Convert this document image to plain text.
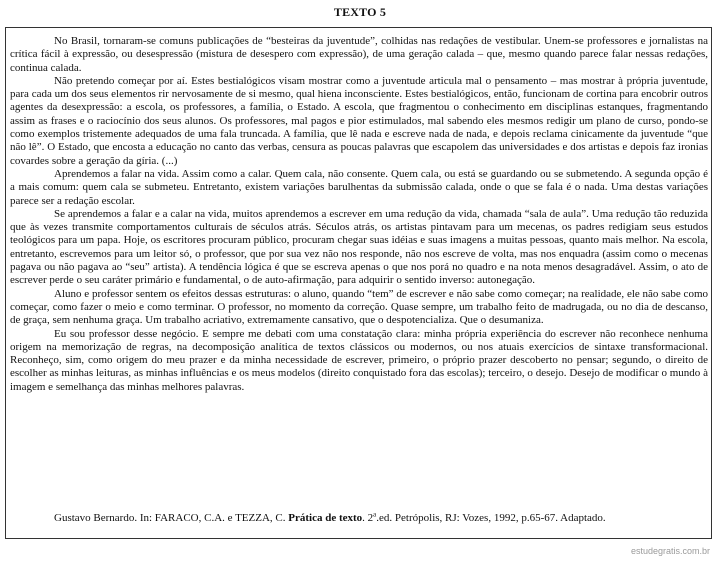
TEXTO 5

No Brasil, tornaram-se comuns publicações de “besteiras da juventude”, colhidas nas redações de vestibular. Unem-se professores e jornalistas na crítica fácil à expressão, ou desespressão (mistura de desespero com expressão), de uma geração calada – que, mesmo quando parece falar nessas redações, continua calada.

Não pretendo começar por aí. Estes bestialógicos visam mostrar como a juventude articula mal o pensamento – mas mostrar à própria juventude, para cada um dos seus elementos rir nervosamente de si mesmo, qual hiena inconsciente. Estes bestialógicos, então, funcionam de cortina para encobrir outros agentes da desexpressão: a escola, os professores, a família, o Estado. A escola, que fragmentou o conhecimento em disciplinas estanques, fragmentando assim as frases e o raciocínio dos seus alunos. Os professores, mal pagos e pior estimulados, mal sabendo eles mesmos redigir um plano de curso, pondo-se como exemplos tristemente adequados de uma fala truncada. A família, que lê nada e escreve nada de nada, e depois reclama cinicamente da juventude “que não lê”. O Estado, que encosta a educação no canto das verbas, censura as poucas palavras que escapolem das universidades e dos artistas e depois faz ironias covardes sobre a geração da gíria. (...)

Aprendemos a falar na vida. Assim como a calar. Quem cala, não consente. Quem cala, ou está se guardando ou se submetendo. A segunda opção é a mais comum: quem cala se submeteu. Entretanto, existem variações barulhentas da submissão calada, onde o que se fala é o nada. Uma destas variações parece ser a redação escolar.

Se aprendemos a falar e a calar na vida, muitos aprendemos a escrever em uma redução da vida, chamada “sala de aula”. Uma redução tão reduzida que às vezes transmite comportamentos culturais de séculos atrás. Séculos atrás, os artistas pintavam para um mecenas, os padres redigiam seus estudos teológicos para um papa. Hoje, os escritores procuram público, procuram chegar suas idéias e suas imagens a muitas pessoas, quanto mais melhor. Na escola, entretanto, escrevemos para um leitor só, o professor, que por sua vez não nos responde, não nos escreve de volta, mas nos enquadra (assim como o mecenas pagava ou não pagava ao “seu” artista). A tendência lógica é que se escreva apenas o que nos porá no quadro e na nota menos desagradável. Assim, o ato de escrever perde o seu caráter primário e fundamental, o de auto-afirmação, para adquirir o sentido inverso: autonegação.

Aluno e professor sentem os efeitos dessas estruturas: o aluno, quando “tem” de escrever e não sabe como começar; na realidade, ele não sabe como começar, como fazer o meio e como terminar. O professor, no momento da correção. Quase sempre, um trabalho feito de madrugada, ou no dia de descanso, de graça, sem nenhuma graça. Um trabalho acriativo, extremamente cansativo, que o despotencializa. Que o desumaniza.

Eu sou professor desse negócio. E sempre me debati com uma constatação clara: minha própria experiência do escrever não reconhece nenhuma origem na memorização de regras, na decomposição analítica de textos clássicos ou modernos, ou nos atuais exercícios de sintaxe transformacional. Reconheço, sim, como origem do meu prazer e da minha necessidade de escrever, primeiro, o próprio prazer descoberto no pensar; segundo, o direito de escolher as minhas leituras, as minhas influências e os meus modelos (direito conquistado fora das escolas); terceiro, o desejo. Desejo de modificar o mundo à imagem e semelhança das minhas melhores palavras.

Gustavo Bernardo. In: FARACO, C.A. e TEZZA, C. Prática de texto. 2$^a$.ed. Petrópolis, RJ: Vozes, 1992, p.65-67. Adaptado.
estudegratis.com.br
